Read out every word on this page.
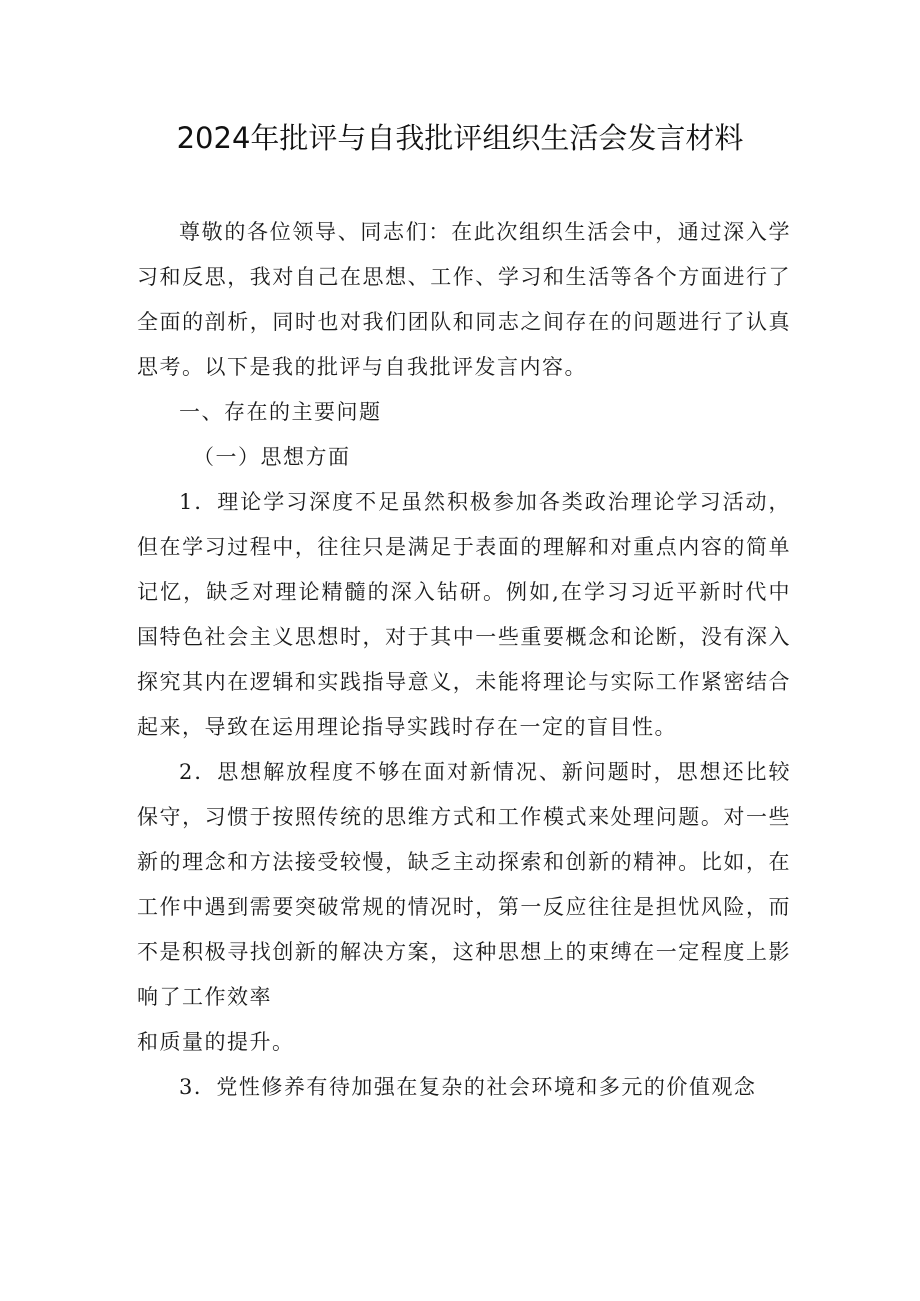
2024年批评与自我批评组织生活会发言材料

尊敬的各位领导、同志们：在此次组织生活会中，通过深入学习和反思，我对自己在思想、工作、学习和生活等各个方面进行了全面的剖析，同时也对我们团队和同志之间存在的问题进行了认真思考。以下是我的批评与自我批评发言内容。

一、存在的主要问题

（一）思想方面

1．理论学习深度不足虽然积极参加各类政治理论学习活动，但在学习过程中，往往只是满足于表面的理解和对重点内容的简单记忆，缺乏对理论精髓的深入钻研。例如,在学习习近平新时代中国特色社会主义思想时，对于其中一些重要概念和论断，没有深入探究其内在逻辑和实践指导意义，未能将理论与实际工作紧密结合起来，导致在运用理论指导实践时存在一定的盲目性。

2．思想解放程度不够在面对新情况、新问题时，思想还比较保守，习惯于按照传统的思维方式和工作模式来处理问题。对一些新的理念和方法接受较慢，缺乏主动探索和创新的精神。比如，在工作中遇到需要突破常规的情况时，第一反应往往是担忧风险，而不是积极寻找创新的解决方案，这种思想上的束缚在一定程度上影响了工作效率

和质量的提升。

3．党性修养有待加强在复杂的社会环境和多元的价值观念
